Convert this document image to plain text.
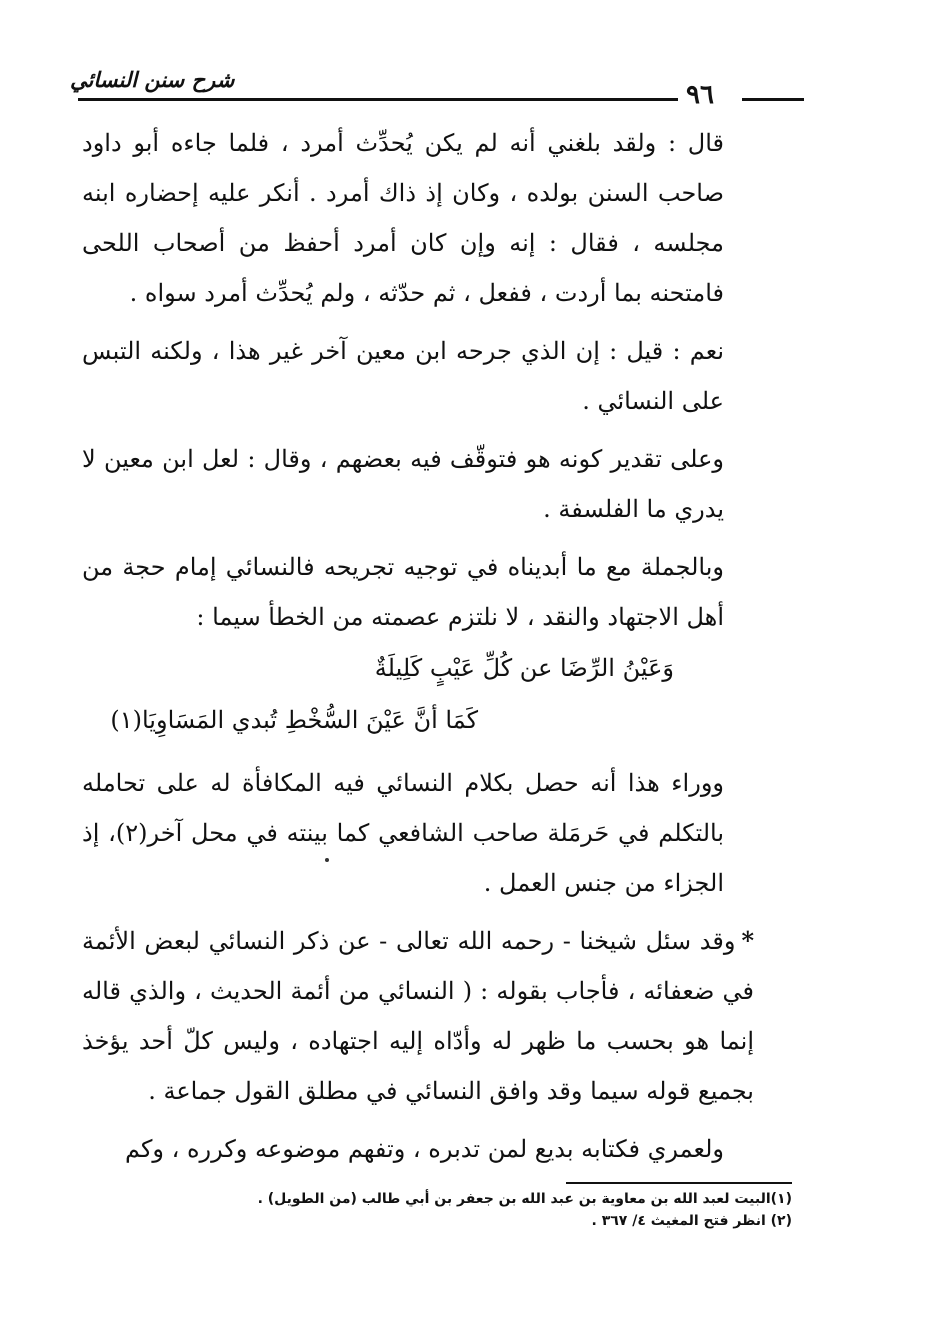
شرح سنن النسائي	٩٦

قال : ولقد بلغني أنه لم يكن يُحدِّث أمرد ، فلما جاءه أبو داود صاحب السنن بولده ، وكان إذ ذاك أمرد . أنكر عليه إحضاره ابنه مجلسه ، فقال : إنه وإن كان أمرد أحفظ من أصحاب اللحى فامتحنه بما أردت ، ففعل ، ثم حدّثه ، ولم يُحدِّث أمرد سواه .

نعم : قيل : إن الذي جرحه ابن معين آخر غير هذا ، ولكنه التبس على النسائي .

وعلى تقدير كونه هو فتوقّف فيه بعضهم ، وقال : لعل ابن معين لا يدري ما الفلسفة .

وبالجملة مع ما أبديناه في توجيه تجريحه فالنسائي إمام حجة من أهل الاجتهاد والنقد ، لا نلتزم عصمته من الخطأ سيما :

وَعَيْنُ الرِّضَا عن كُلِّ عَيْبٍ كَلِيلَةٌ

كَمَا أنَّ عَيْنَ السُّخْطِ تُبدي المَسَاوِيَا(١)

ووراء هذا أنه حصل بكلام النسائي فيه المكافأة له على تحامله بالتكلم في حَرمَلة صاحب الشافعي كما بينته في محل آخر(٢)، إذ الجزاء من جنس العمل .

*وقد سئل شيخنا - رحمه الله تعالى - عن ذكر النسائي لبعض الأئمة في ضعفائه ، فأجاب بقوله : ( النسائي من أئمة الحديث ، والذي قاله إنما هو بحسب ما ظهر له وأدّاه إليه اجتهاده ، وليس كلّ أحد يؤخذ بجميع قوله سيما وقد وافق النسائي في مطلق القول جماعة .

ولعمري فكتابه بديع لمن تدبره ، وتفهم موضوعه وكرره ، وكم

(١)البيت لعبد الله بن معاوية بن عبد الله بن جعفر بن أبي طالب (من الطويل) .

(٢) انظر فتح المغيث ٤/ ٣٦٧ .
